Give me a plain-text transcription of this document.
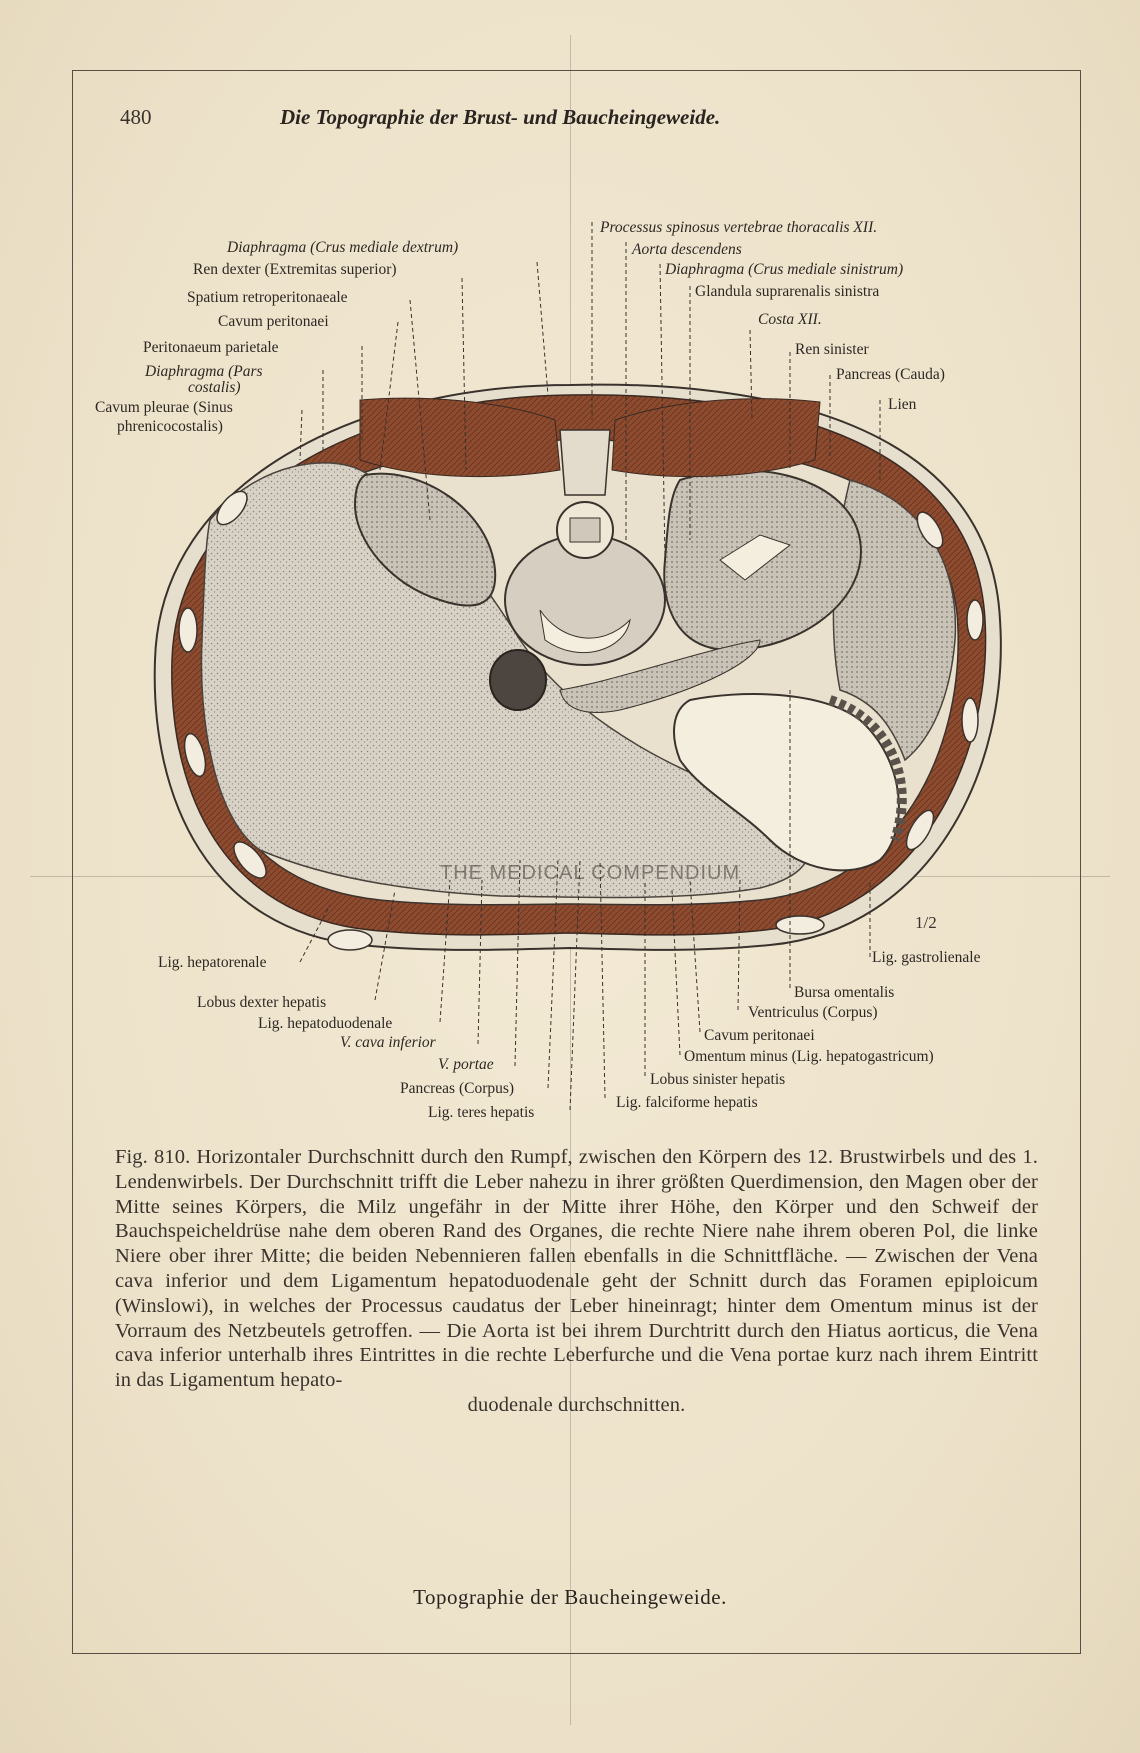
480	Die Topographie der Brust- und Baucheingeweide.
Diaphragma (Crus mediale dextrum)
Ren dexter (Extremitas superior)
Spatium retroperitonaeale
Cavum peritonaei
Peritonaeum parietale
Diaphragma (Pars
costalis)
Cavum pleurae (Sinus
phrenicocostalis)
Processus spinosus vertebrae thoracalis XII.
Aorta descendens
Diaphragma (Crus mediale sinistrum)
Glandula suprarenalis sinistra
Costa XII.
Ren sinister
Pancreas (Cauda)
Lien
Lig. hepatorenale
Lobus dexter hepatis
Lig. hepatoduodenale
V. cava inferior
V. portae
Pancreas (Corpus)
Lig. teres hepatis
Lig. gastrolienale
Bursa omentalis
Ventriculus (Corpus)
Cavum peritonaei
Omentum minus (Lig. hepatogastricum)
Lobus sinister hepatis
Lig. falciforme hepatis
1/2
THE MEDICAL COMPENDIUM
Fig. 810. Horizontaler Durchschnitt durch den Rumpf, zwischen den Körpern des 12. Brustwirbels und des 1. Lendenwirbels. Der Durchschnitt trifft die Leber nahezu in ihrer größten Querdimension, den Magen ober der Mitte seines Körpers, die Milz ungefähr in der Mitte ihrer Höhe, den Körper und den Schweif der Bauchspeicheldrüse nahe dem oberen Rand des Organes, die rechte Niere nahe ihrem oberen Pol, die linke Niere ober ihrer Mitte; die beiden Nebennieren fallen ebenfalls in die Schnittfläche. — Zwischen der Vena cava inferior und dem Ligamentum hepatoduodenale geht der Schnitt durch das Foramen epiploicum (Winslowi), in welches der Processus caudatus der Leber hineinragt; hinter dem Omentum minus ist der Vorraum des Netzbeutels getroffen. — Die Aorta ist bei ihrem Durchtritt durch den Hiatus aorticus, die Vena cava inferior unterhalb ihres Eintrittes in die rechte Leberfurche und die Vena portae kurz nach ihrem Eintritt in das Ligamentum hepato-
duodenale durchschnitten.
Topographie der Baucheingeweide.
